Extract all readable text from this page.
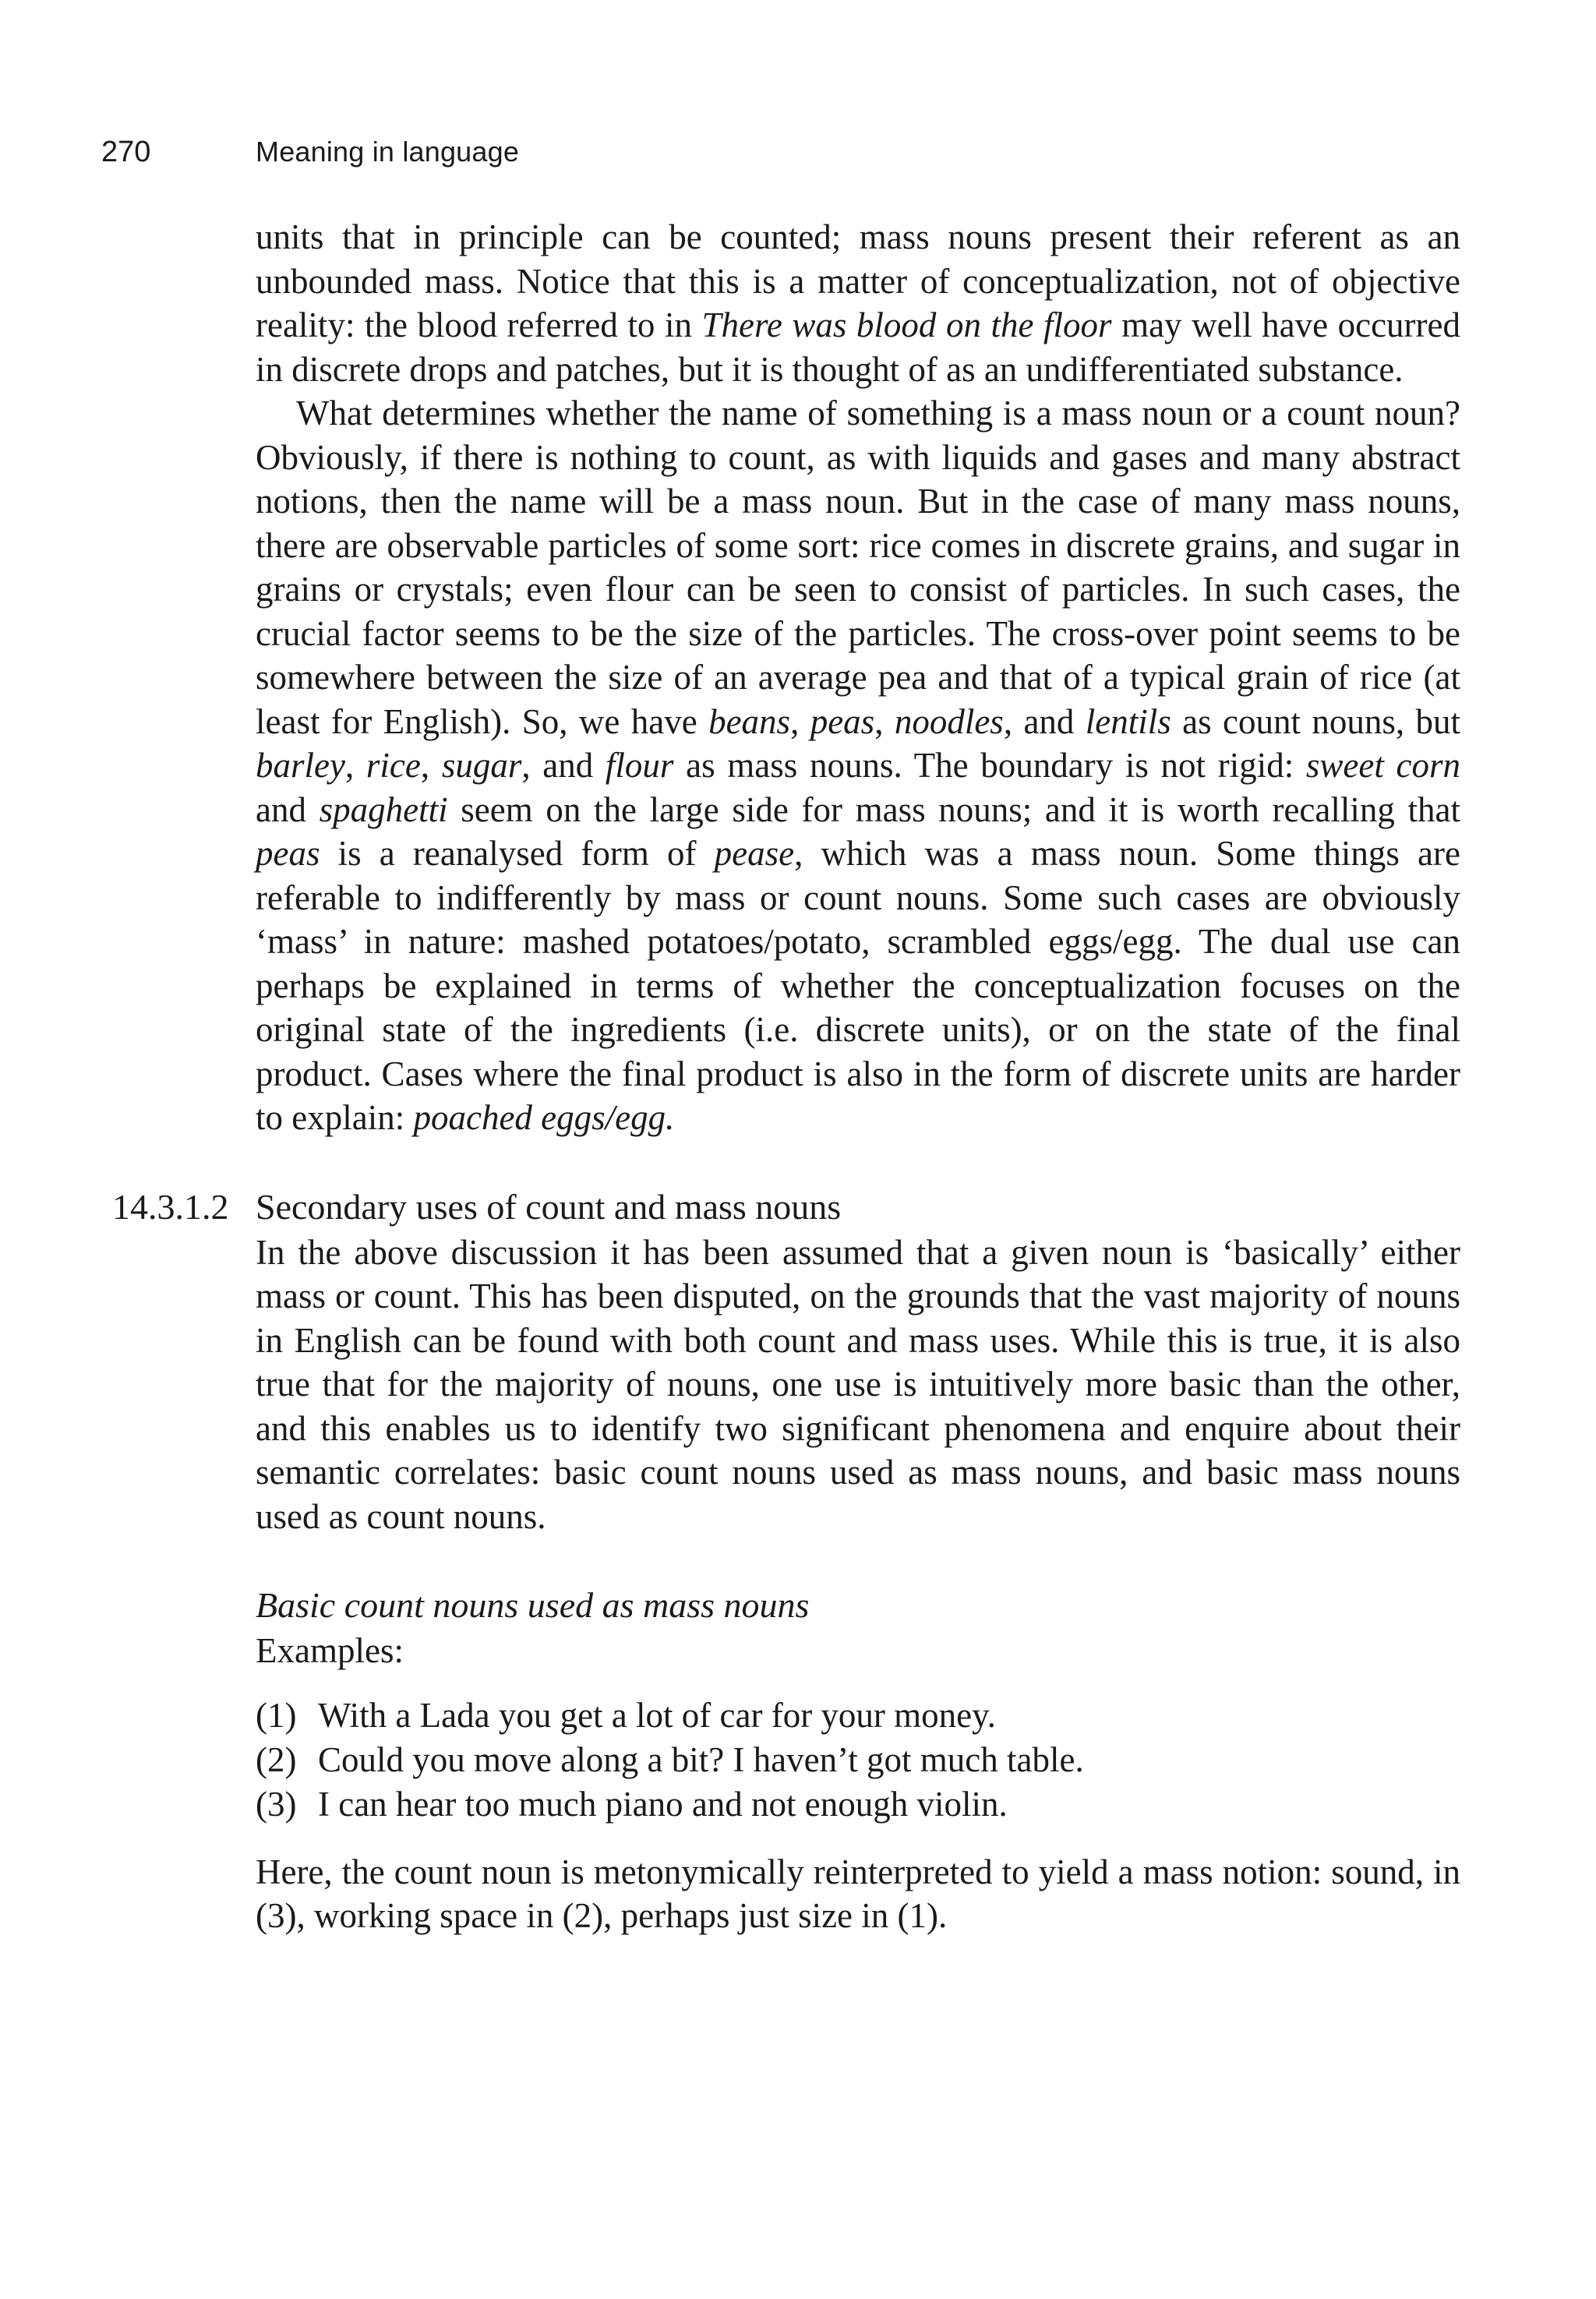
270	Meaning in language

units that in principle can be counted; mass nouns present their referent as an unbounded mass. Notice that this is a matter of conceptualization, not of objective reality: the blood referred to in There was blood on the floor may well have occurred in discrete drops and patches, but it is thought of as an undifferentiated substance.

What determines whether the name of something is a mass noun or a count noun? Obviously, if there is nothing to count, as with liquids and gases and many abstract notions, then the name will be a mass noun. But in the case of many mass nouns, there are observable particles of some sort: rice comes in discrete grains, and sugar in grains or crystals; even flour can be seen to consist of particles. In such cases, the crucial factor seems to be the size of the particles. The cross-over point seems to be somewhere between the size of an average pea and that of a typical grain of rice (at least for English). So, we have beans, peas, noodles, and lentils as count nouns, but barley, rice, sugar, and flour as mass nouns. The boundary is not rigid: sweet corn and spaghetti seem on the large side for mass nouns; and it is worth recalling that peas is a reanalysed form of pease, which was a mass noun. Some things are referable to indifferently by mass or count nouns. Some such cases are obviously ‘mass’ in nature: mashed potatoes/potato, scrambled eggs/egg. The dual use can perhaps be explained in terms of whether the conceptualization focuses on the original state of the ingredients (i.e. discrete units), or on the state of the final product. Cases where the final product is also in the form of discrete units are harder to explain: poached eggs/egg.

14.3.1.2 Secondary uses of count and mass nouns

In the above discussion it has been assumed that a given noun is ‘basically’ either mass or count. This has been disputed, on the grounds that the vast majority of nouns in English can be found with both count and mass uses. While this is true, it is also true that for the majority of nouns, one use is intuitively more basic than the other, and this enables us to identify two significant phenomena and enquire about their semantic correlates: basic count nouns used as mass nouns, and basic mass nouns used as count nouns.

Basic count nouns used as mass nouns

Examples:

(1) With a Lada you get a lot of car for your money.
(2) Could you move along a bit? I haven’t got much table.
(3) I can hear too much piano and not enough violin.

Here, the count noun is metonymically reinterpreted to yield a mass notion: sound, in (3), working space in (2), perhaps just size in (1).
